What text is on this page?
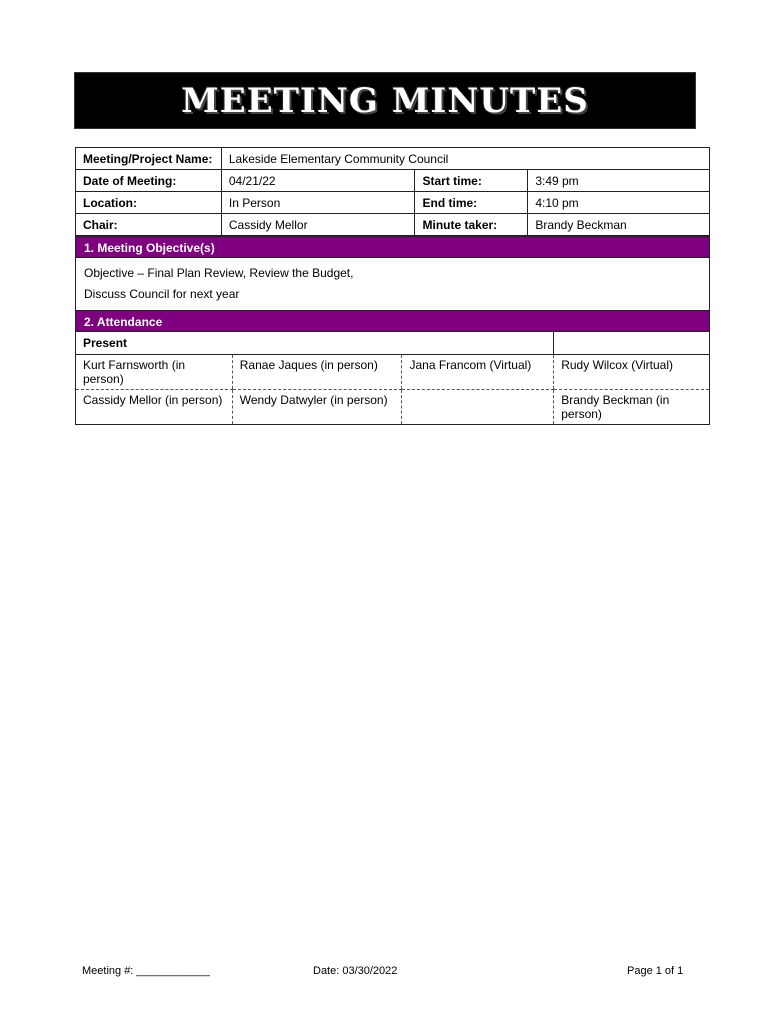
MEETING MINUTES
Meeting/Project Name:	Lakeside Elementary Community Council		
Date of Meeting:	04/21/22	Start time:	3:49 pm
Location:	In Person	End time:	4:10 pm
Chair:	Cassidy Mellor	Minute taker:	Brandy Beckman
1. Meeting Objective(s)
Objective – Final Plan Review, Review the Budget,
Discuss Council for next year
2. Attendance
Present			
Kurt Farnsworth (in person)	Ranae Jaques (in person)	Jana Francom (Virtual)	Rudy Wilcox (Virtual)
Cassidy Mellor (in person)	Wendy Datwyler (in person)		Brandy Beckman (in person)
Meeting #: ____________	Date: 03/30/2022	Page 1 of 1
